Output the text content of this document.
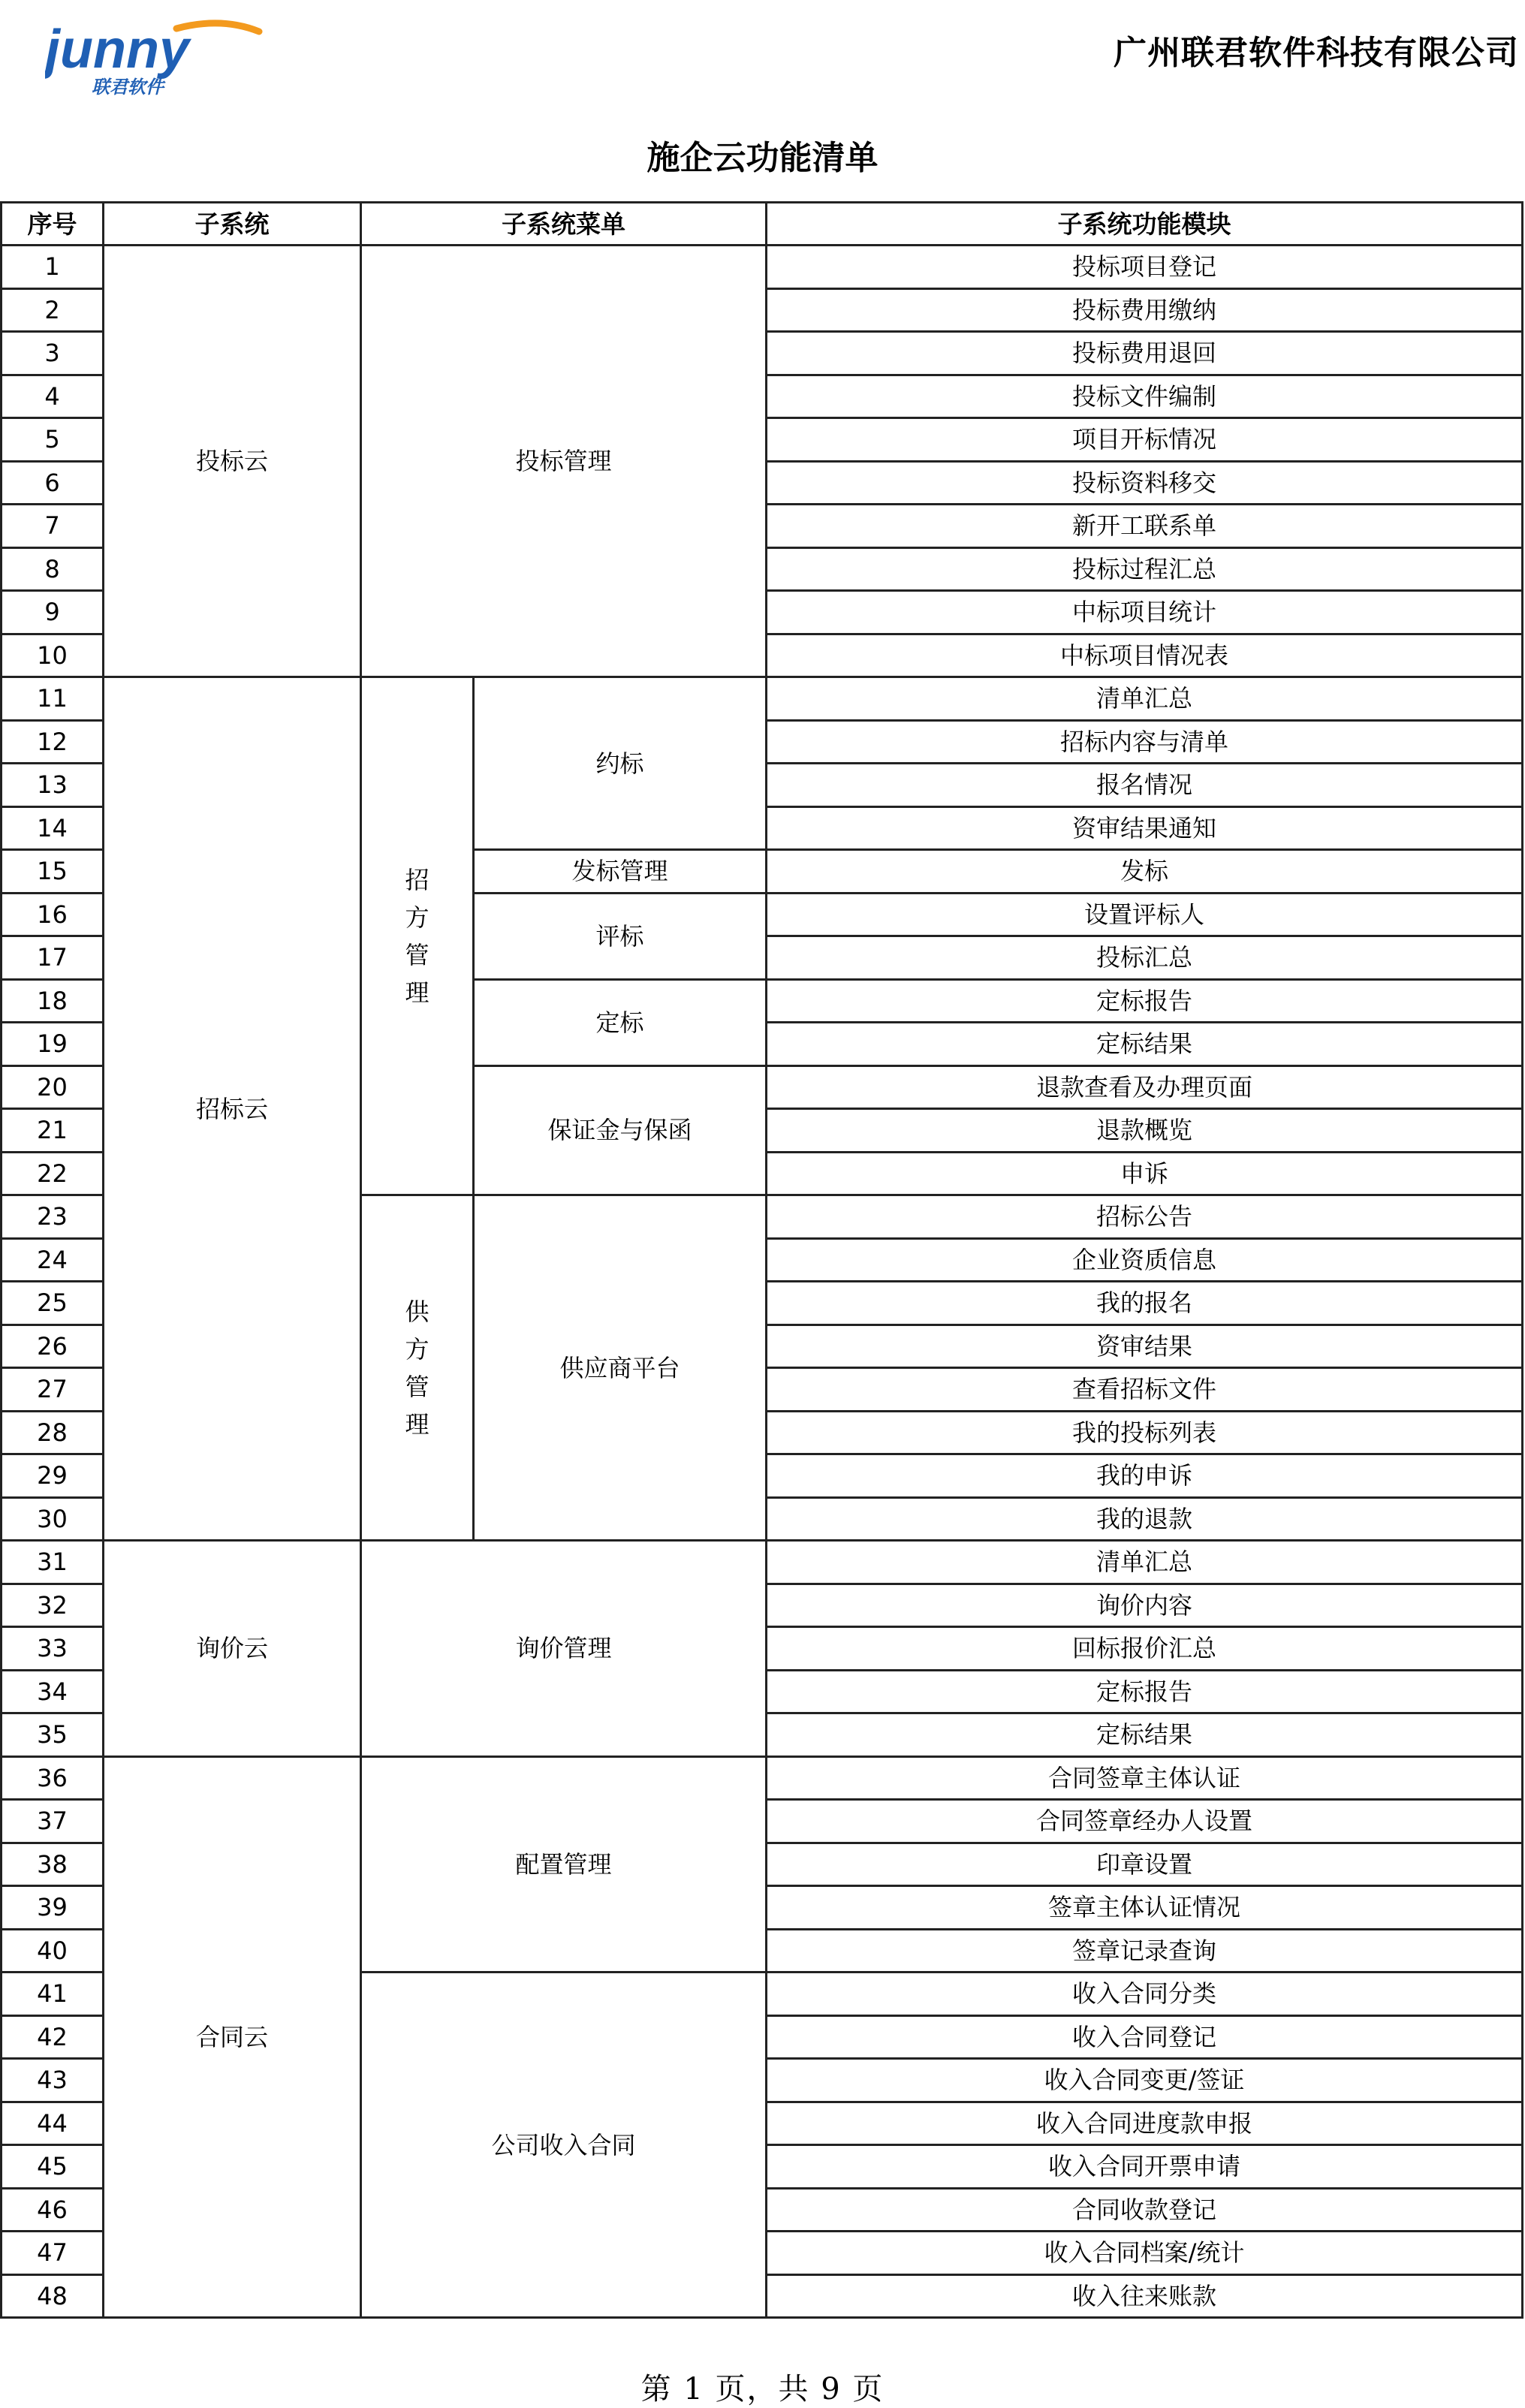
junny
联君软件
广州联君软件科技有限公司
施企云功能清单
序号	子系统	子系统菜单		子系统功能模块
1	投标云	投标管理		投标项目登记
2				投标费用缴纳
3				投标费用退回
4				投标文件编制
5				项目开标情况
6				投标资料移交
7				新开工联系单
8				投标过程汇总
9				中标项目统计
10				中标项目情况表
11	招标云	招方管理	约标	清单汇总
12				招标内容与清单
13				报名情况
14				资审结果通知
15			发标管理	发标
16			评标	设置评标人
17				投标汇总
18			定标	定标报告
19				定标结果
20			保证金与保函	退款查看及办理页面
21				退款概览
22				申诉
23		供方管理	供应商平台	招标公告
24				企业资质信息
25				我的报名
26				资审结果
27				查看招标文件
28				我的投标列表
29				我的申诉
30				我的退款
31	询价云	询价管理		清单汇总
32				询价内容
33				回标报价汇总
34				定标报告
35				定标结果
36	合同云	配置管理		合同签章主体认证
37				合同签章经办人设置
38				印章设置
39				签章主体认证情况
40				签章记录查询
41		公司收入合同		收入合同分类
42				收入合同登记
43				收入合同变更/签证
44				收入合同进度款申报
45				收入合同开票申请
46				合同收款登记
47				收入合同档案/统计
48				收入往来账款
第 1 页，共 9 页
